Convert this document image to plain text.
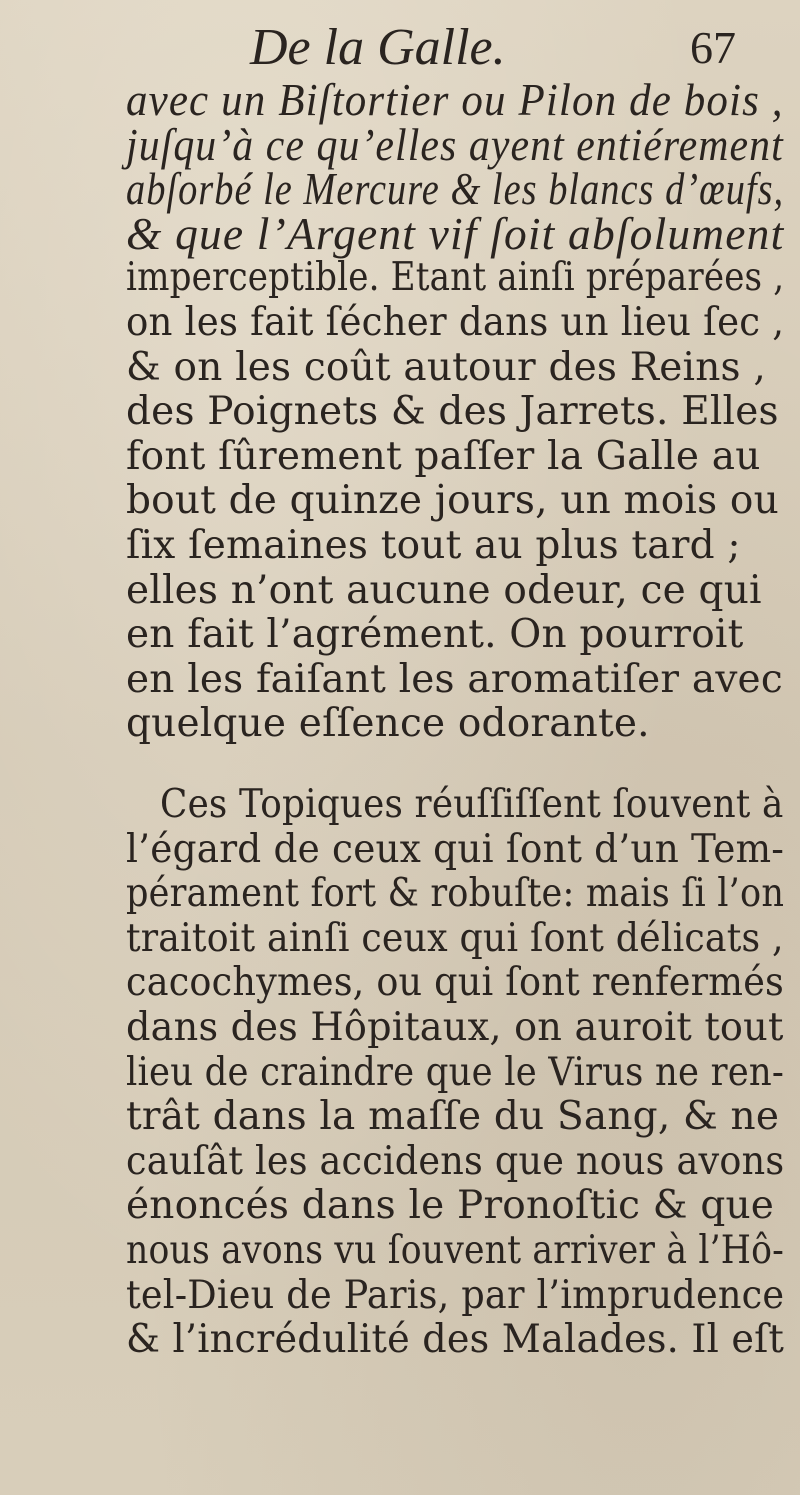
De la Galle.	67
avec un Biſtortier ou Pilon de bois ,
juſqu’à ce qu’elles ayent entiérement
abſorbé le Mercure & les blancs d’œufs,
& que l’Argent vif ſoit abſolument
imperceptible. Etant ainſi préparées ,
on les fait ſécher dans un lieu ſec ,
& on les coût autour des Reins ,
des Poignets & des Jarrets. Elles
font ſûrement paſſer la Galle au
bout de quinze jours, un mois ou
ſix ſemaines tout au plus tard ;
elles n’ont aucune odeur, ce qui
en fait l’agrément. On pourroit
en les faiſant les aromatiſer avec
quelque eſſence odorante.
Ces Topiques réuſſiſſent ſouvent à
l’égard de ceux qui ſont d’un Tem-
pérament fort & robuſte: mais ſi l’on
traitoit ainſi ceux qui ſont délicats ,
cacochymes, ou qui ſont renfermés
dans des Hôpitaux, on auroit tout
lieu de craindre que le Virus ne ren-
trât dans la maſſe du Sang, & ne
cauſât les accidens que nous avons
énoncés dans le Pronoſtic & que
nous avons vu ſouvent arriver à l’Hô-
tel-Dieu de Paris, par l’imprudence
& l’incrédulité des Malades. Il eſt
